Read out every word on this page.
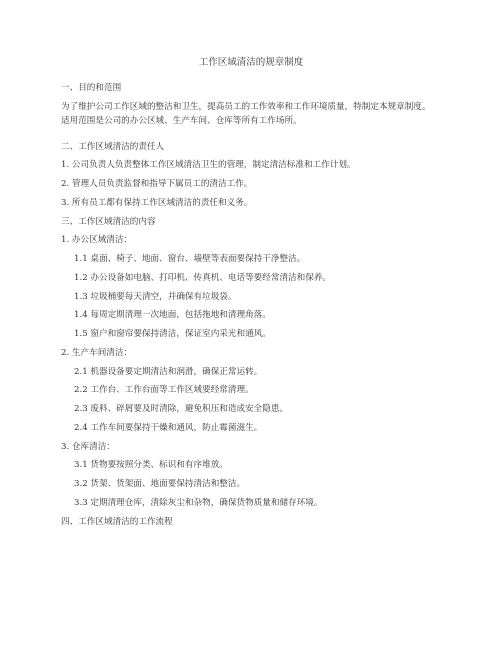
工作区域清洁的规章制度
一、目的和范围
为了维护公司工作区域的整洁和卫生，提高员工的工作效率和工作环境质量，特制定本规章制度。适用范围是公司的办公区域、生产车间、仓库等所有工作场所。
二、工作区域清洁的责任人
1. 公司负责人负责整体工作区域清洁卫生的管理，制定清洁标准和工作计划。
2. 管理人员负责监督和指导下属员工的清洁工作。
3. 所有员工都有保持工作区域清洁的责任和义务。
三、工作区域清洁的内容
1. 办公区域清洁：
1.1 桌面、椅子、地面、窗台、墙壁等表面要保持干净整洁。
1.2 办公设备如电脑、打印机、传真机、电话等要经常清洁和保养。
1.3 垃圾桶要每天清空，并确保有垃圾袋。
1.4 每周定期清理一次地面，包括拖地和清理角落。
1.5 窗户和窗帘要保持清洁，保证室内采光和通风。
2. 生产车间清洁：
2.1 机器设备要定期清洁和润滑，确保正常运转。
2.2 工作台、工作台面等工作区域要经常清理。
2.3 废料、碎屑要及时清除，避免积压和造成安全隐患。
2.4 工作车间要保持干燥和通风，防止霉菌滋生。
3. 仓库清洁：
3.1 货物要按照分类、标识和有序堆放。
3.2 货架、货架面、地面要保持清洁和整洁。
3.3 定期清理仓库，清除灰尘和杂物，确保货物质量和储存环境。
四、工作区域清洁的工作流程
